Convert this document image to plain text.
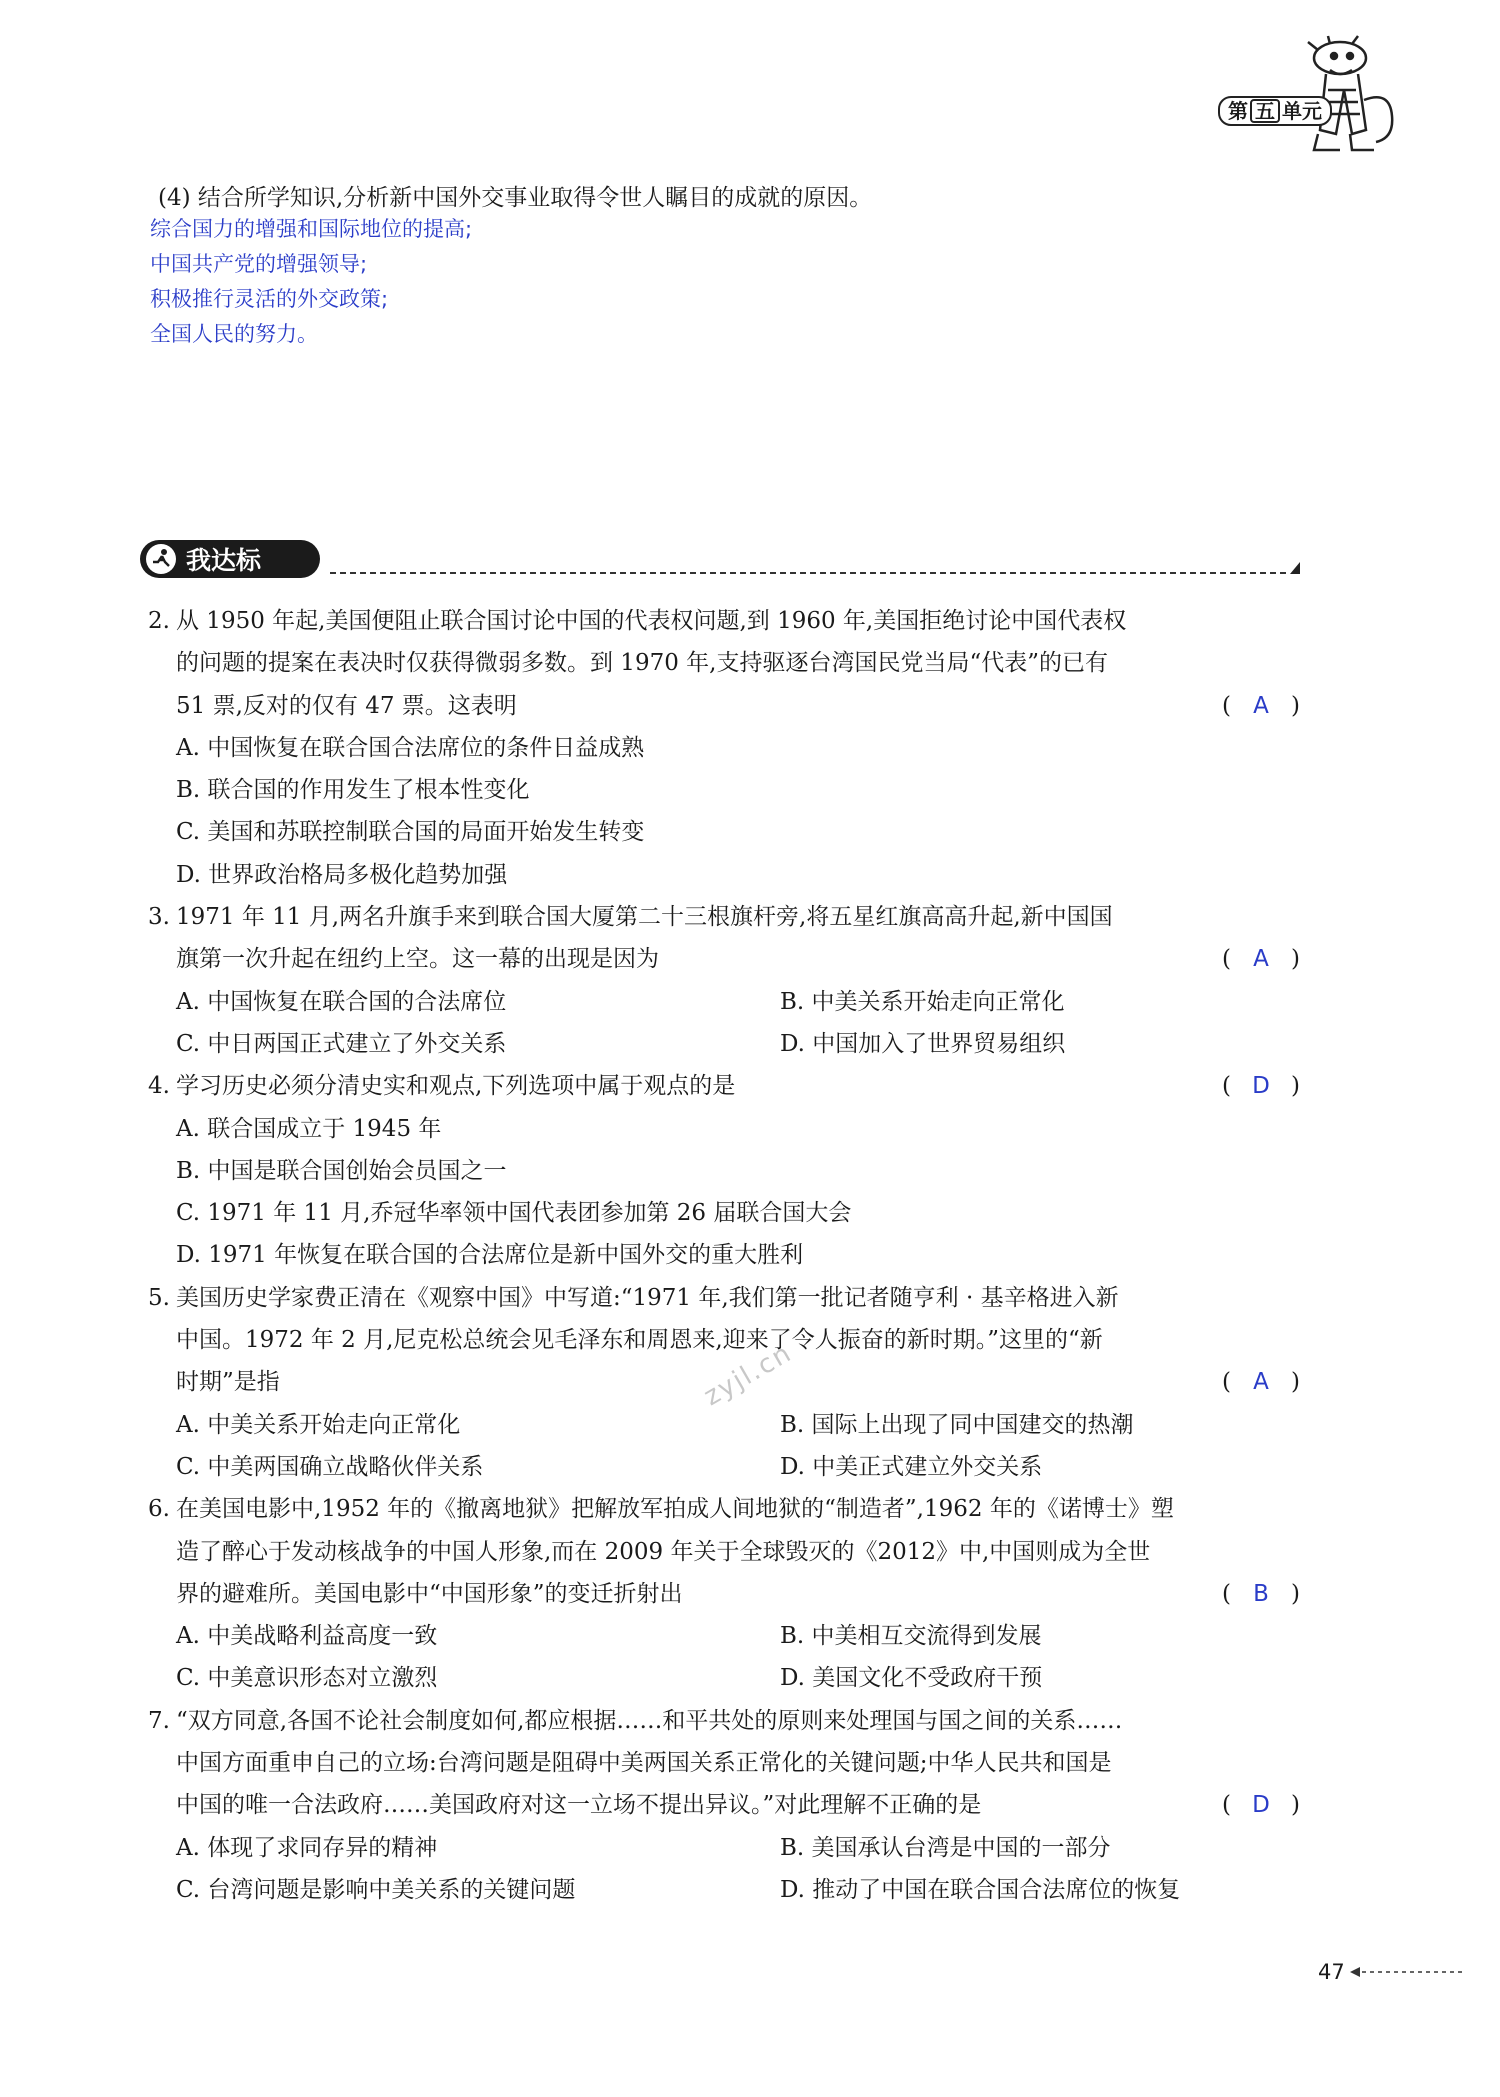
第 五 单元
(4) 结合所学知识,分析新中国外交事业取得令世人瞩目的成就的原因。
综合国力的增强和国际地位的提高;
中国共产党的增强领导;
积极推行灵活的外交政策;
全国人民的努力。
我达标
2. 从 1950 年起,美国便阻止联合国讨论中国的代表权问题,到 1960 年,美国拒绝讨论中国代表权
的问题的提案在表决时仅获得微弱多数。到 1970 年,支持驱逐台湾国民党当局“代表”的已有
51 票,反对的仅有 47 票。这表明	( A )
A. 中国恢复在联合国合法席位的条件日益成熟
B. 联合国的作用发生了根本性变化
C. 美国和苏联控制联合国的局面开始发生转变
D. 世界政治格局多极化趋势加强
3. 1971 年 11 月,两名升旗手来到联合国大厦第二十三根旗杆旁,将五星红旗高高升起,新中国国
旗第一次升起在纽约上空。这一幕的出现是因为	( A )
A. 中国恢复在联合国的合法席位	B. 中美关系开始走向正常化
C. 中日两国正式建立了外交关系	D. 中国加入了世界贸易组织
4. 学习历史必须分清史实和观点,下列选项中属于观点的是	( D )
A. 联合国成立于 1945 年
B. 中国是联合国创始会员国之一
C. 1971 年 11 月,乔冠华率领中国代表团参加第 26 届联合国大会
D. 1971 年恢复在联合国的合法席位是新中国外交的重大胜利
5. 美国历史学家费正清在《观察中国》中写道:“1971 年,我们第一批记者随亨利 · 基辛格进入新
中国。1972 年 2 月,尼克松总统会见毛泽东和周恩来,迎来了令人振奋的新时期。”这里的“新
时期”是指	( A )
A. 中美关系开始走向正常化	B. 国际上出现了同中国建交的热潮
C. 中美两国确立战略伙伴关系	D. 中美正式建立外交关系
6. 在美国电影中,1952 年的《撤离地狱》把解放军拍成人间地狱的“制造者”,1962 年的《诺博士》塑
造了醉心于发动核战争的中国人形象,而在 2009 年关于全球毁灭的《2012》中,中国则成为全世
界的避难所。美国电影中“中国形象”的变迁折射出	( B )
A. 中美战略利益高度一致	B. 中美相互交流得到发展
C. 中美意识形态对立激烈	D. 美国文化不受政府干预
7. “双方同意,各国不论社会制度如何,都应根据……和平共处的原则来处理国与国之间的关系……
中国方面重申自己的立场:台湾问题是阻碍中美两国关系正常化的关键问题;中华人民共和国是
中国的唯一合法政府……美国政府对这一立场不提出异议。”对此理解不正确的是	( D )
A. 体现了求同存异的精神	B. 美国承认台湾是中国的一部分
C. 台湾问题是影响中美关系的关键问题	D. 推动了中国在联合国合法席位的恢复
zyjl.cn
47
